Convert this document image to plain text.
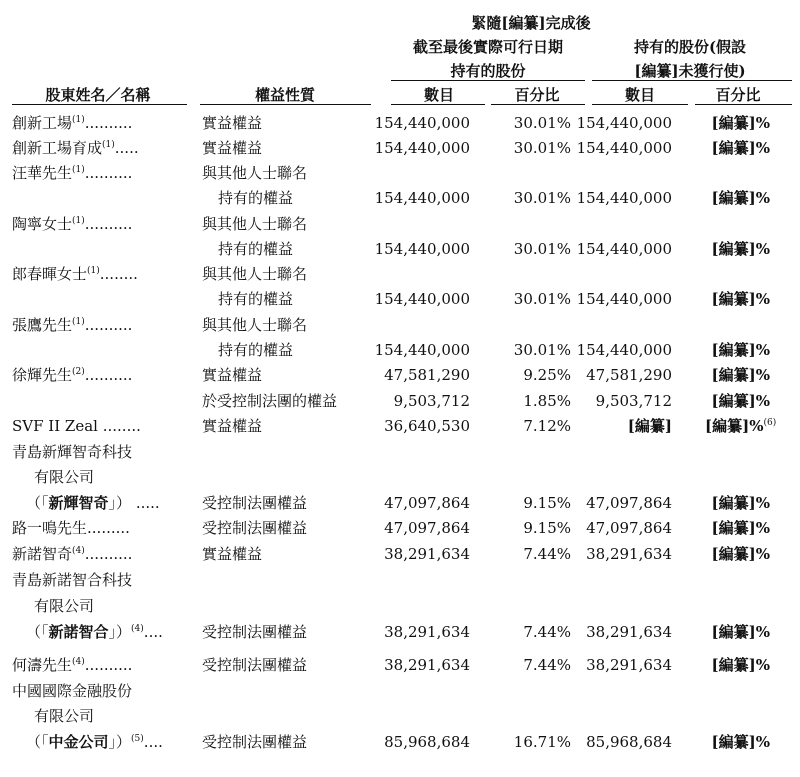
緊隨[編纂]完成後
截至最後實際可行日期	持有的股份(假設
持有的股份	[編纂]未獲行使)
股東姓名／名稱	權益性質	數目	百分比	數目	百分比
創新工場$^{(1)}$..........	實益權益	154,440,000	30.01% 154,440,000	[編纂]%
創新工場育成$^{(1)}$.....	實益權益	154,440,000	30.01% 154,440,000	[編纂]%
汪華先生$^{(1)}$..........	與其他人士聯名
持有的權益	154,440,000	30.01% 154,440,000	[編纂]%
陶寧女士$^{(1)}$..........	與其他人士聯名
持有的權益	154,440,000	30.01% 154,440,000	[編纂]%
郎春暉女士$^{(1)}$........	與其他人士聯名
持有的權益	154,440,000	30.01% 154,440,000	[編纂]%
張鷹先生$^{(1)}$..........	與其他人士聯名
持有的權益	154,440,000	30.01% 154,440,000	[編纂]%
徐輝先生$^{(2)}$..........	實益權益	47,581,290	9.25% 47,581,290	[編纂]%
於受控制法團的權益	9,503,712	1.85% 9,503,712	[編纂]%
SVF II Zeal ........	實益權益	36,640,530	7.12%	[編纂] [編纂]%$^{(6)}$
青島新輝智奇科技
有限公司
（「新輝智奇」） .....	受控制法團權益	47,097,864	9.15% 47,097,864	[編纂]%
路一鳴先生.........	受控制法團權益	47,097,864	9.15% 47,097,864	[編纂]%
新諾智奇$^{(4)}$..........	實益權益	38,291,634	7.44% 38,291,634	[編纂]%
青島新諾智合科技
有限公司
（「新諾智合」）$^{(4)}$....	受控制法團權益	38,291,634	7.44% 38,291,634	[編纂]%
何濤先生$^{(4)}$..........	受控制法團權益	38,291,634	7.44% 38,291,634	[編纂]%
中國國際金融股份
有限公司
（「中金公司」）$^{(5)}$....	受控制法團權益	85,968,684	16.71% 85,968,684	[編纂]%
